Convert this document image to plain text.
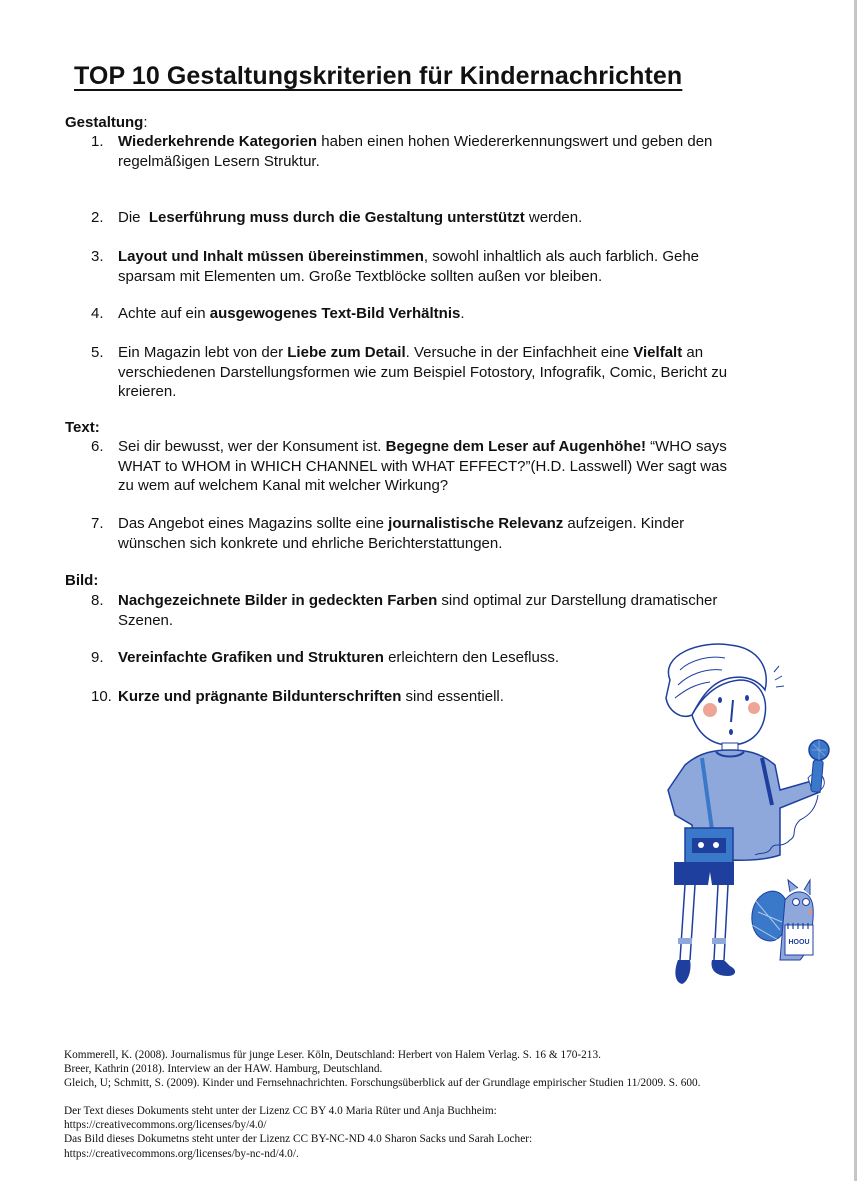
TOP 10 Gestaltungskriterien für Kindernachrichten
Gestaltung:
1. Wiederkehrende Kategorien haben einen hohen Wiedererkennungswert und geben den regelmäßigen Lesern Struktur.
2. Die  Leserführung muss durch die Gestaltung unterstützt werden.
3. Layout und Inhalt müssen übereinstimmen, sowohl inhaltlich als auch farblich. Gehe sparsam mit Elementen um. Große Textblöcke sollten außen vor bleiben.
4. Achte auf ein ausgewogenes Text-Bild Verhältnis.
5. Ein Magazin lebt von der Liebe zum Detail. Versuche in der Einfachheit eine Vielfalt an verschiedenen Darstellungsformen wie zum Beispiel Fotostory, Infografik, Comic, Bericht zu kreieren.
Text:
6. Sei dir bewusst, wer der Konsument ist. Begegne dem Leser auf Augenhöhe! “WHO says WHAT to WHOM in WHICH CHANNEL with WHAT EFFECT?”(H.D. Lasswell) Wer sagt was zu wem auf welchem Kanal mit welcher Wirkung?
7. Das Angebot eines Magazins sollte eine journalistische Relevanz aufzeigen. Kinder wünschen sich konkrete und ehrliche Berichterstattungen.
Bild:
8. Nachgezeichnete Bilder in gedeckten Farben sind optimal zur Darstellung dramatischer Szenen.
9. Vereinfachte Grafiken und Strukturen erleichtern den Lesefluss.
10. Kurze und prägnante Bildunterschriften sind essentiell.
HOOU
Kommerell, K. (2008). Journalismus für junge Leser. Köln, Deutschland: Herbert von Halem Verlag. S. 16 & 170-213.
Breer, Kathrin (2018). Interview an der HAW. Hamburg, Deutschland.
Gleich, U; Schmitt, S. (2009). Kinder und Fernsehnachrichten. Forschungsüberblick auf der Grundlage empirischer Studien 11/2009. S. 600.
Der Text dieses Dokuments steht unter der Lizenz CC BY 4.0 Maria Rüter und Anja Buchheim:
https://creativecommons.org/licenses/by/4.0/
Das Bild dieses Dokumetns steht unter der Lizenz CC BY-NC-ND 4.0 Sharon Sacks und Sarah Locher:
https://creativecommons.org/licenses/by-nc-nd/4.0/.
